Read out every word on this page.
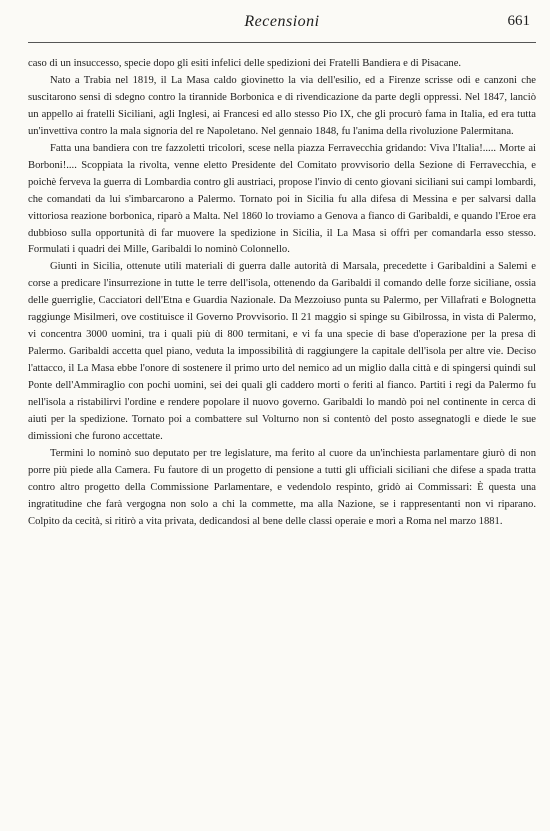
Recensioni	661

caso di un insuccesso, specie dopo gli esiti infelici delle spedizioni dei Fratelli Bandiera e di Pisacane.

Nato a Trabia nel 1819, il La Masa caldo giovinetto la via dell'esilio, ed a Firenze scrisse odi e canzoni che suscitarono sensi di sdegno contro la tirannide Borbonica e di rivendicazione da parte degli oppressi. Nel 1847, lanciò un appello ai fratelli Siciliani, agli Inglesi, ai Francesi ed allo stesso Pio IX, che gli procurò fama in Italia, ed era tutta un'invettiva contro la mala signoria del re Napoletano. Nel gennaio 1848, fu l'anima della rivoluzione Palermitana.

Fatta una bandiera con tre fazzoletti tricolori, scese nella piazza Ferravecchia gridando: Viva l'Italia!..... Morte ai Borboni!.... Scoppiata la rivolta, venne eletto Presidente del Comitato provvisorio della Sezione di Ferravecchia, e poichè ferveva la guerra di Lombardia contro gli austriaci, propose l'invio di cento giovani siciliani sui campi lombardi, che comandati da lui s'imbarcarono a Palermo. Tornato poi in Sicilia fu alla difesa di Messina e per salvarsi dalla vittoriosa reazione borbonica, riparò a Malta. Nel 1860 lo troviamo a Genova a fianco di Garibaldi, e quando l'Eroe era dubbioso sulla opportunità di far muovere la spedizione in Sicilia, il La Masa si offrì per comandarla esso stesso. Formulati i quadri dei Mille, Garibaldi lo nominò Colonnello.

Giunti in Sicilia, ottenute utili materiali di guerra dalle autorità di Marsala, precedette i Garibaldini a Salemi e corse a predicare l'insurrezione in tutte le terre dell'isola, ottenendo da Garibaldi il comando delle forze siciliane, ossia delle guerriglie, Cacciatori dell'Etna e Guardia Nazionale. Da Mezzoiuso punta su Palermo, per Villafrati e Bolognetta raggiunge Misilmeri, ove costituisce il Governo Provvisorio. Il 21 maggio si spinge su Gibilrossa, in vista di Palermo, vi concentra 3000 uomini, tra i quali più di 800 termitani, e vi fa una specie di base d'operazione per la presa di Palermo. Garibaldi accetta quel piano, veduta la impossibilità di raggiungere la capitale dell'isola per altre vie. Deciso l'attacco, il La Masa ebbe l'onore di sostenere il primo urto del nemico ad un miglio dalla città e di spingersi quindi sul Ponte dell'Ammiraglio con pochi uomini, sei dei quali gli caddero morti o feriti al fianco. Partiti i regi da Palermo fu nell'isola a ristabilirvi l'ordine e rendere popolare il nuovo governo. Garibaldi lo mandò poi nel continente in cerca di aiuti per la spedizione. Tornato poi a combattere sul Volturno non si contentò del posto assegnatogli e diede le sue dimissioni che furono accettate.

Termini lo nominò suo deputato per tre legislature, ma ferito al cuore da un'inchiesta parlamentare giurò di non porre più piede alla Camera. Fu fautore di un progetto di pensione a tutti gli ufficiali siciliani che difese a spada tratta contro altro progetto della Commissione Parlamentare, e vedendolo respinto, gridò ai Commissari: È questa una ingratitudine che farà vergogna non solo a chi la commette, ma alla Nazione, se i rappresentanti non vi riparano. Colpito da cecità, si ritirò a vita privata, dedicandosi al bene delle classi operaie e morì a Roma nel marzo 1881.
